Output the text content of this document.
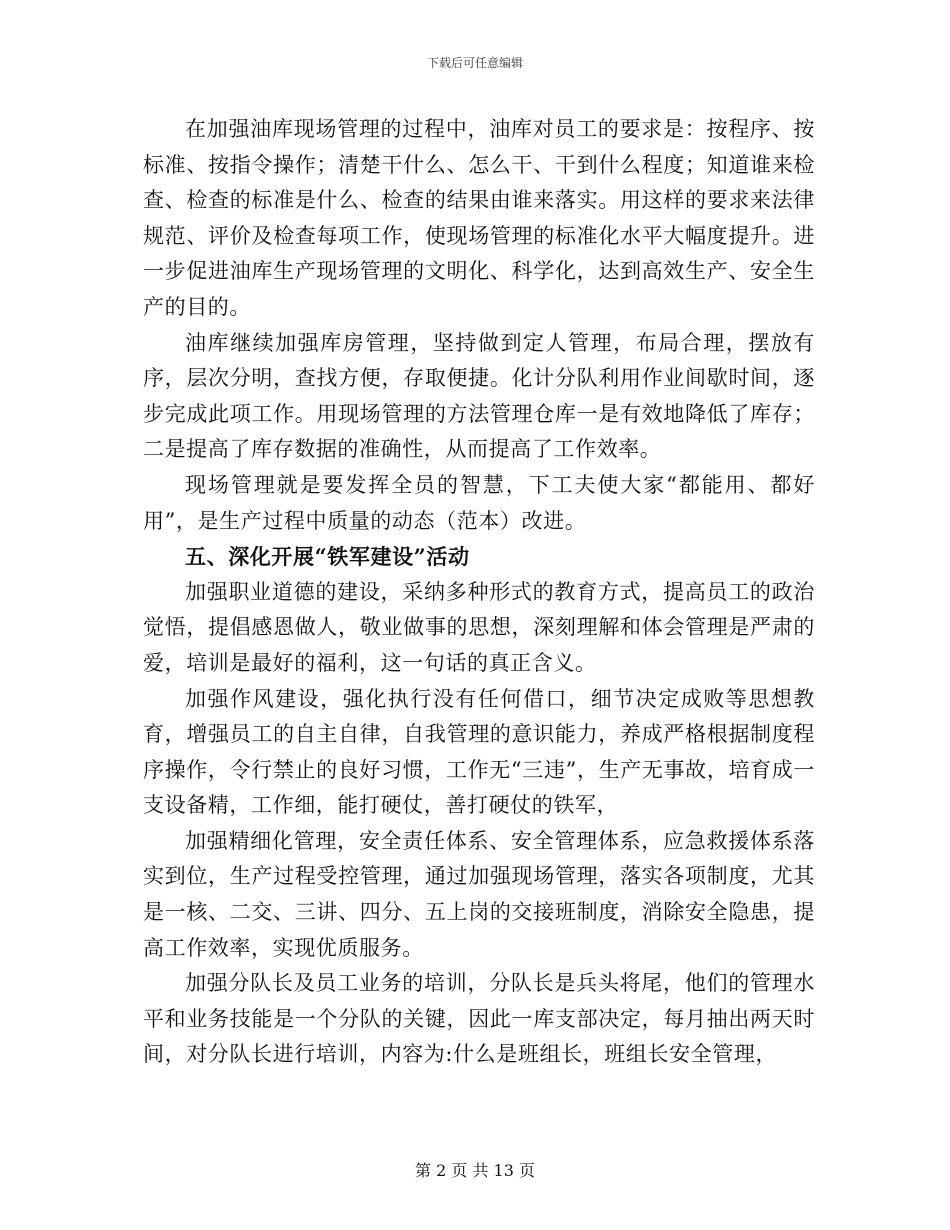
下载后可任意编辑

在加强油库现场管理的过程中，油库对员工的要求是：按程序、按标准、按指令操作；清楚干什么、怎么干、干到什么程度；知道谁来检查、检查的标准是什么、检查的结果由谁来落实。用这样的要求来法律规范、评价及检查每项工作，使现场管理的标准化水平大幅度提升。进一步促进油库生产现场管理的文明化、科学化，达到高效生产、安全生产的目的。

油库继续加强库房管理，坚持做到定人管理，布局合理，摆放有序，层次分明，查找方便，存取便捷。化计分队利用作业间歇时间，逐步完成此项工作。用现场管理的方法管理仓库一是有效地降低了库存；二是提高了库存数据的准确性，从而提高了工作效率。

现场管理就是要发挥全员的智慧，下工夫使大家“都能用、都好用”，是生产过程中质量的动态（范本）改进。

五、深化开展“铁军建设”活动

加强职业道德的建设，采纳多种形式的教育方式，提高员工的政治觉悟，提倡感恩做人，敬业做事的思想，深刻理解和体会管理是严肃的爱，培训是最好的福利，这一句话的真正含义。

加强作风建设，强化执行没有任何借口，细节决定成败等思想教育，增强员工的自主自律，自我管理的意识能力，养成严格根据制度程序操作，令行禁止的良好习惯，工作无“三违”，生产无事故，培育成一支设备精，工作细，能打硬仗，善打硬仗的铁军，

加强精细化管理，安全责任体系、安全管理体系，应急救援体系落实到位，生产过程受控管理，通过加强现场管理，落实各项制度，尤其是一核、二交、三讲、四分、五上岗的交接班制度，消除安全隐患，提高工作效率，实现优质服务。

加强分队长及员工业务的培训，分队长是兵头将尾，他们的管理水平和业务技能是一个分队的关键，因此一库支部决定，每月抽出两天时间，对分队长进行培训，内容为:什么是班组长，班组长安全管理，

第 2 页 共 13 页
